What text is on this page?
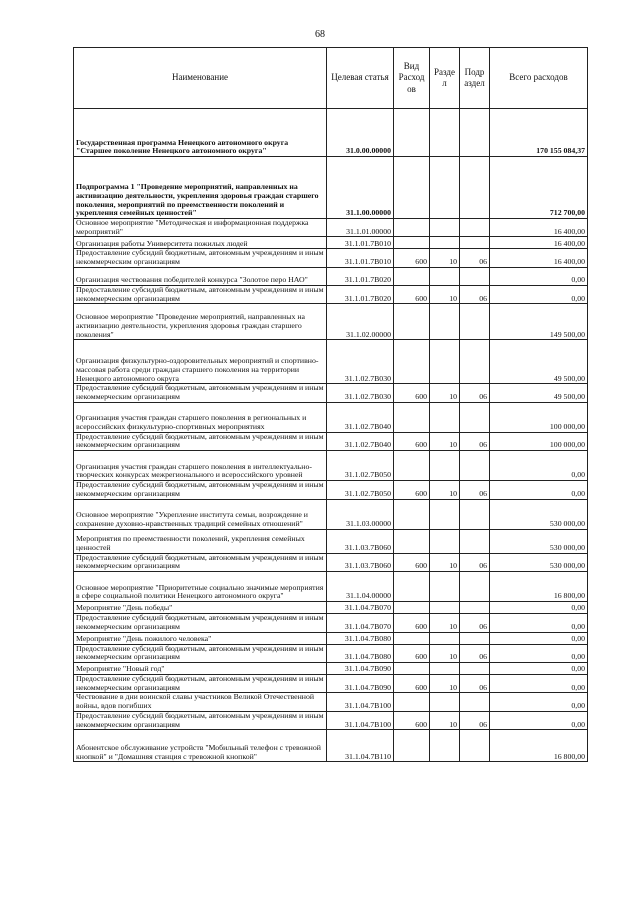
68
Наименование	Целевая статья	Вид Расход ов	Разде л	Подр аздел	Всего расходов
Государственная программа Ненецкого автономного округа "Старшее поколение Ненецкого автономного округа"	31.0.00.00000				170 155 084,37
Подпрограмма 1 "Проведение мероприятий, направленных на активизацию деятельности, укрепления здоровья граждан старшего поколения, мероприятий по преемственности поколений и укрепления семейных ценностей"	31.1.00.00000				712 700,00
Основное мероприятие "Методическая и информационная поддержка мероприятий"	31.1.01.00000				16 400,00
Организация работы Университета пожилых людей	31.1.01.7В010				16 400,00
Предоставление субсидий бюджетным, автономным учреждениям и иным некоммерческим организациям	31.1.01.7В010	600	10	06	16 400,00
Организация чествования победителей конкурса "Золотое перо НАО"	31.1.01.7В020				0,00
Предоставление субсидий бюджетным, автономным учреждениям и иным некоммерческим организациям	31.1.01.7В020	600	10	06	0,00
Основное мероприятие "Проведение мероприятий, направленных на активизацию деятельности, укрепления здоровья граждан старшего поколения"	31.1.02.00000				149 500,00
Организация физкультурно-оздоровительных мероприятий и спортивно-массовая работа среди граждан старшего поколения на территории Ненецкого автономного округа	31.1.02.7В030				49 500,00
Предоставление субсидий бюджетным, автономным учреждениям и иным некоммерческим организациям	31.1.02.7В030	600	10	06	49 500,00
Организация участия граждан старшего поколения в региональных и всероссийских физкультурно-спортивных мероприятиях	31.1.02.7В040				100 000,00
Предоставление субсидий бюджетным, автономным учреждениям и иным некоммерческим организациям	31.1.02.7В040	600	10	06	100 000,00
Организация участия граждан старшего поколения в интеллектуально-творческих конкурсах межрегионального и всероссийского уровней	31.1.02.7В050				0,00
Предоставление субсидий бюджетным, автономным учреждениям и иным некоммерческим организациям	31.1.02.7В050	600	10	06	0,00
Основное мероприятие "Укрепление института семьи, возрождение и сохранение духовно-нравственных традиций семейных отношений"	31.1.03.00000				530 000,00
Мероприятия по преемственности поколений, укрепления семейных ценностей	31.1.03.7В060				530 000,00
Предоставление субсидий бюджетным, автономным учреждениям и иным некоммерческим организациям	31.1.03.7В060	600	10	06	530 000,00
Основное мероприятие "Приоритетные социально значимые мероприятия в сфере социальной политики Ненецкого автономного округа"	31.1.04.00000				16 800,00
Мероприятие "День победы"	31.1.04.7В070				0,00
Предоставление субсидий бюджетным, автономным учреждениям и иным некоммерческим организациям	31.1.04.7В070	600	10	06	0,00
Мероприятие "День пожилого человека"	31.1.04.7В080				0,00
Предоставление субсидий бюджетным, автономным учреждениям и иным некоммерческим организациям	31.1.04.7В080	600	10	06	0,00
Мероприятие "Новый год"	31.1.04.7В090				0,00
Предоставление субсидий бюджетным, автономным учреждениям и иным некоммерческим организациям	31.1.04.7В090	600	10	06	0,00
Чествование в дни воинской славы участников Великой Отечественной войны, вдов погибших	31.1.04.7В100				0,00
Предоставление субсидий бюджетным, автономным учреждениям и иным некоммерческим организациям	31.1.04.7В100	600	10	06	0,00
Абонентское обслуживание устройств "Мобильный телефон с тревожной кнопкой" и "Домашняя станция с тревожной кнопкой"	31.1.04.7В110				16 800,00
